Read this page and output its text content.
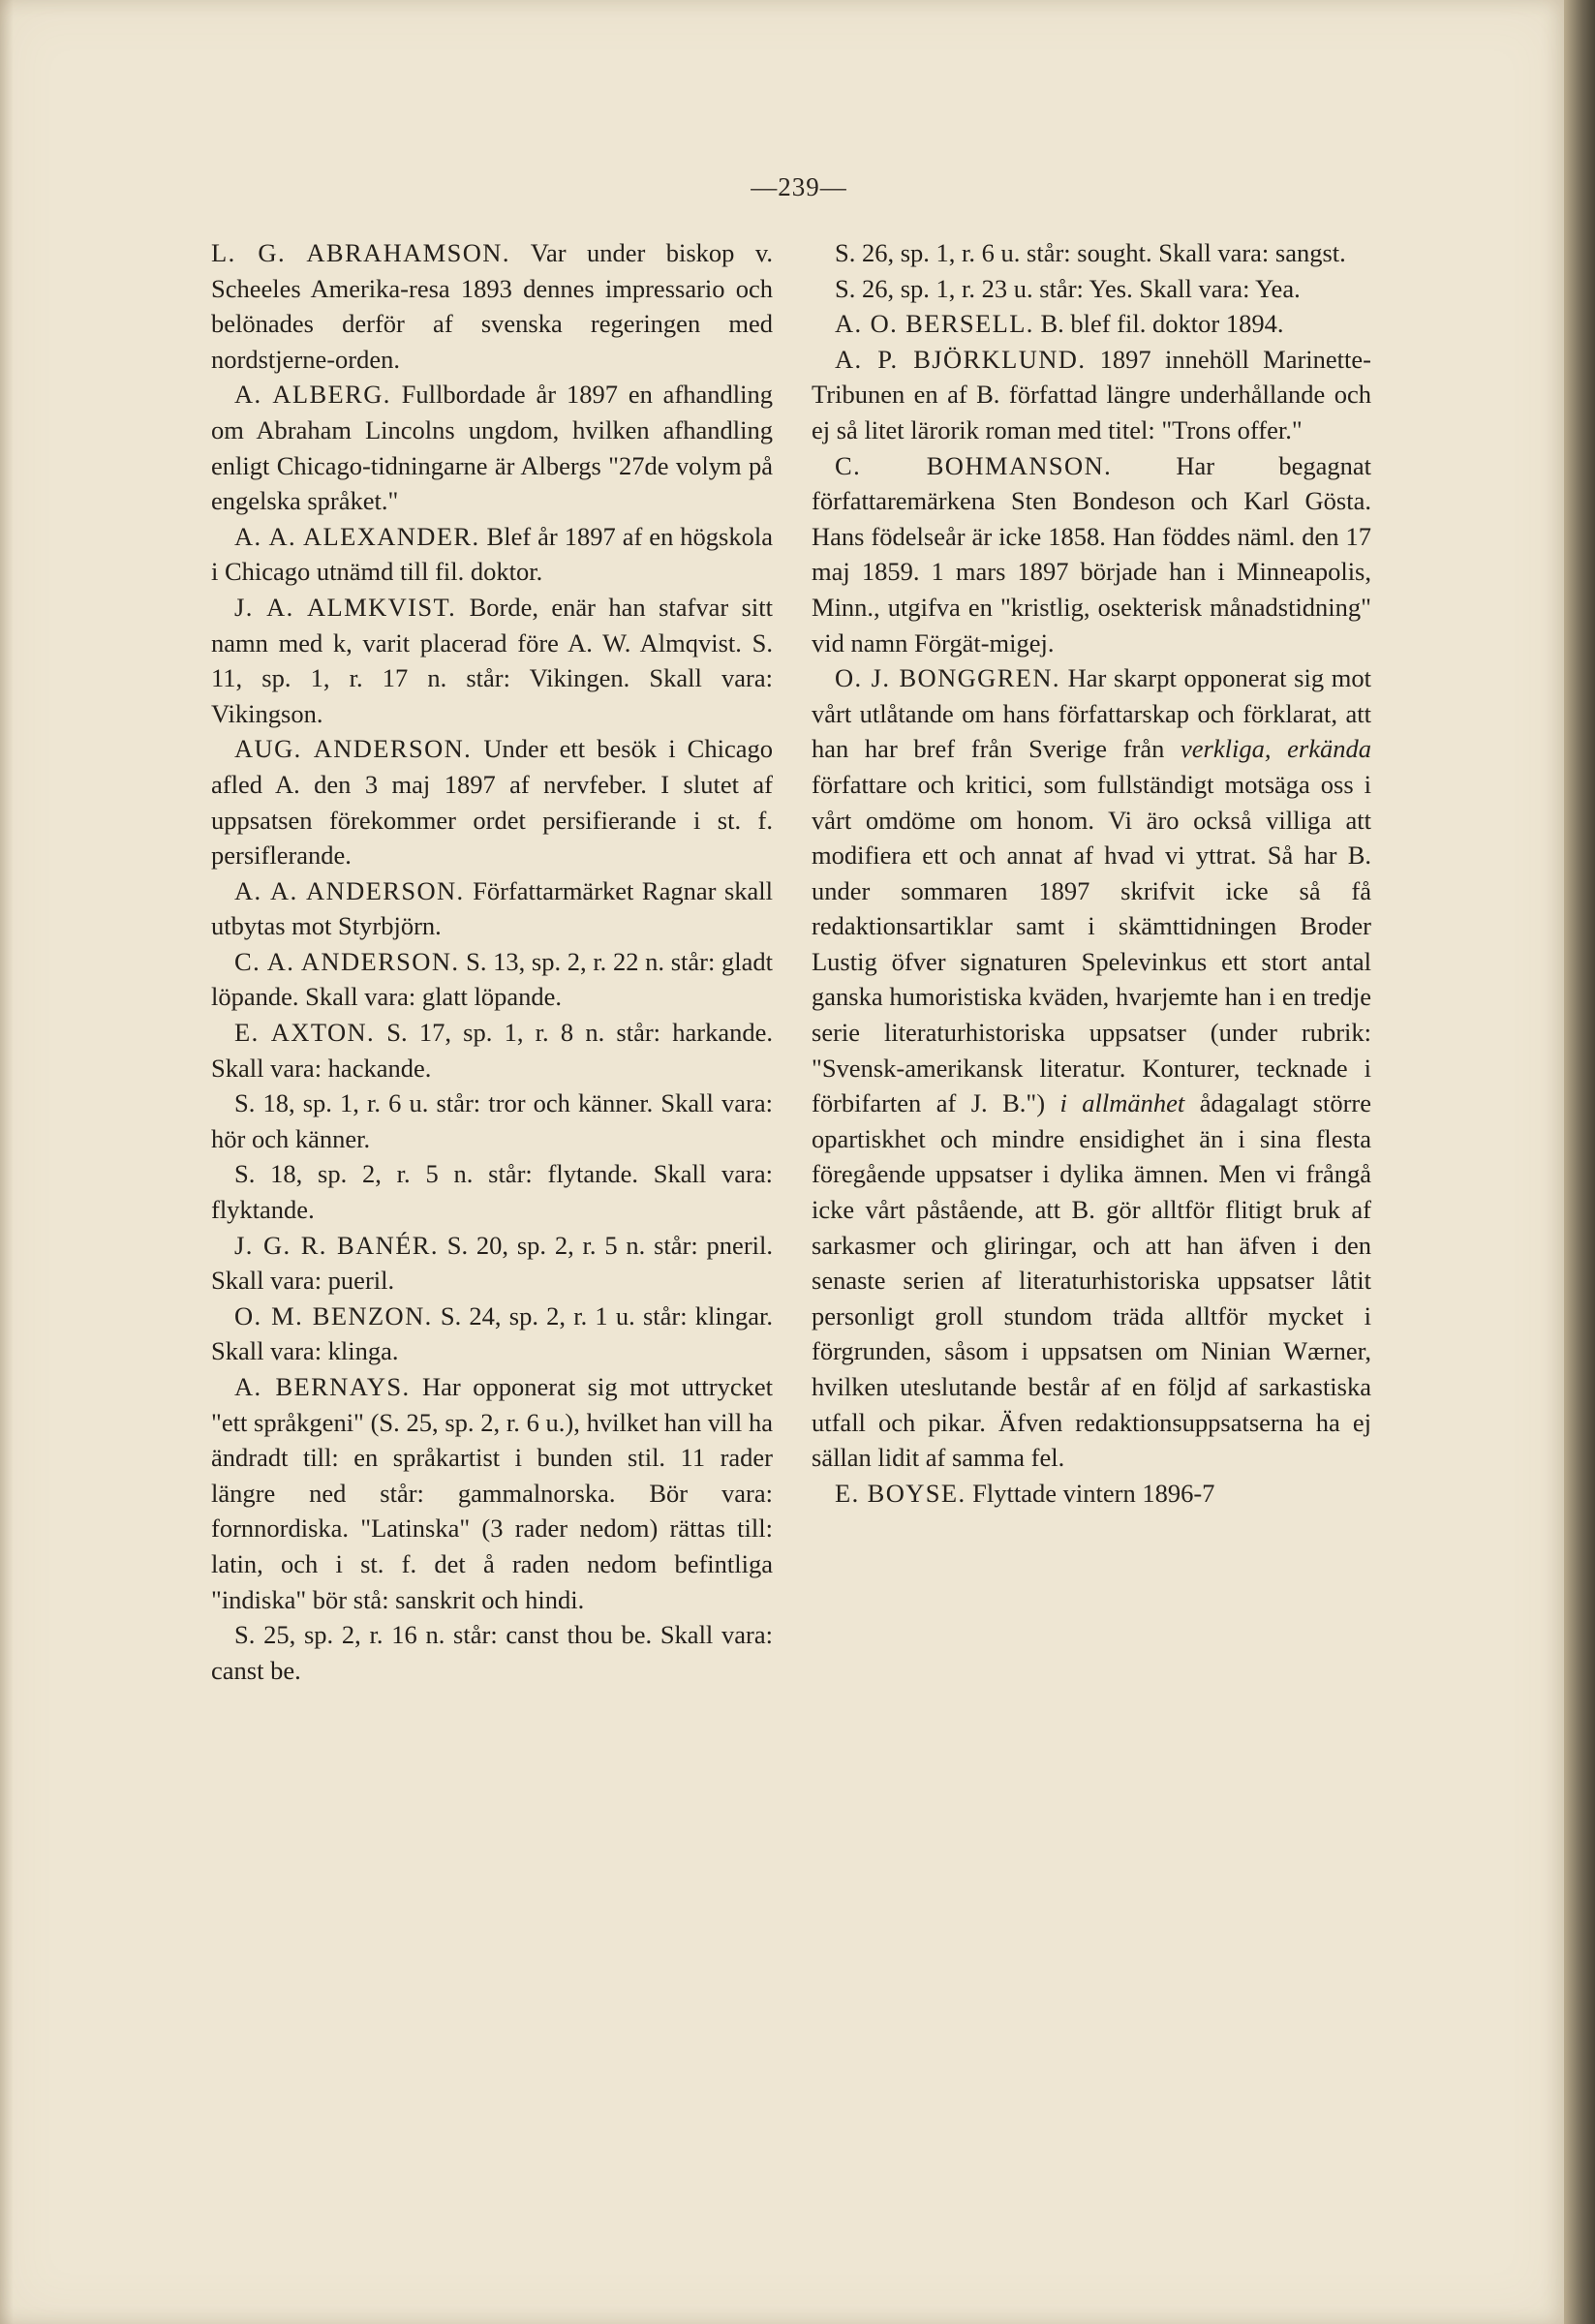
—239—

L. G. ABRAHAMSON. Var under biskop v. Scheeles Amerika-resa 1893 dennes impressario och belönades derför af svenska regeringen med nordstjerne-orden.

A. ALBERG. Fullbordade år 1897 en afhandling om Abraham Lincolns ungdom, hvilken afhandling enligt Chicago-tidningarne är Albergs "27de volym på engelska språket."

A. A. ALEXANDER. Blef år 1897 af en högskola i Chicago utnämd till fil. doktor.

J. A. ALMKVIST. Borde, enär han stafvar sitt namn med k, varit placerad före A. W. Almqvist. S. 11, sp. 1, r. 17 n. står: Vikingen. Skall vara: Vikingson.

AUG. ANDERSON. Under ett besök i Chicago afled A. den 3 maj 1897 af nervfeber. I slutet af uppsatsen förekommer ordet persifierande i st. f. persiflerande.

A. A. ANDERSON. Författarmärket Ragnar skall utbytas mot Styrbjörn.

C. A. ANDERSON. S. 13, sp. 2, r. 22 n. står: gladt löpande. Skall vara: glatt löpande.

E. AXTON. S. 17, sp. 1, r. 8 n. står: harkande. Skall vara: hackande.

S. 18, sp. 1, r. 6 u. står: tror och känner. Skall vara: hör och känner.

S. 18, sp. 2, r. 5 n. står: flytande. Skall vara: flyktande.

J. G. R. BANÉR. S. 20, sp. 2, r. 5 n. står: pneril. Skall vara: pueril.

O. M. BENZON. S. 24, sp. 2, r. 1 u. står: klingar. Skall vara: klinga.

A. BERNAYS. Har opponerat sig mot uttrycket "ett språkgeni" (S. 25, sp. 2, r. 6 u.), hvilket han vill ha ändradt till: en språkartist i bunden stil. 11 rader längre ned står: gammalnorska. Bör vara: fornnordiska. "Latinska" (3 rader nedom) rättas till: latin, och i st. f. det å raden nedom befintliga "indiska" bör stå: sanskrit och hindi.

S. 25, sp. 2, r. 16 n. står: canst thou be. Skall vara: canst be.

S. 26, sp. 1, r. 6 u. står: sought. Skall vara: sangst.

S. 26, sp. 1, r. 23 u. står: Yes. Skall vara: Yea.

A. O. BERSELL. B. blef fil. doktor 1894.

A. P. BJÖRKLUND. 1897 innehöll Marinette-Tribunen en af B. författad längre underhållande och ej så litet lärorik roman med titel: "Trons offer."

C. BOHMANSON. Har begagnat författaremärkena Sten Bondeson och Karl Gösta. Hans födelseår är icke 1858. Han föddes näml. den 17 maj 1859. 1 mars 1897 började han i Minneapolis, Minn., utgifva en "kristlig, osekterisk månadstidning" vid namn Förgät-migej.

O. J. BONGGREN. Har skarpt opponerat sig mot vårt utlåtande om hans författarskap och förklarat, att han har bref från Sverige från verkliga, erkända författare och kritici, som fullständigt motsäga oss i vårt omdöme om honom. Vi äro också villiga att modifiera ett och annat af hvad vi yttrat. Så har B. under sommaren 1897 skrifvit icke så få redaktionsartiklar samt i skämttidningen Broder Lustig öfver signaturen Spelevinkus ett stort antal ganska humoristiska kväden, hvarjemte han i en tredje serie literaturhistoriska uppsatser (under rubrik: "Svensk-amerikansk literatur. Konturer, tecknade i förbifarten af J. B.") i allmänhet ådagalagt större opartiskhet och mindre ensidighet än i sina flesta föregående uppsatser i dylika ämnen. Men vi frångå icke vårt påstående, att B. gör alltför flitigt bruk af sarkasmer och gliringar, och att han äfven i den senaste serien af literaturhistoriska uppsatser låtit personligt groll stundom träda alltför mycket i förgrunden, såsom i uppsatsen om Ninian Wærner, hvilken uteslutande består af en följd af sarkastiska utfall och pikar. Äfven redaktionsuppsatserna ha ej sällan lidit af samma fel.

E. BOYSE. Flyttade vintern 1896-7
